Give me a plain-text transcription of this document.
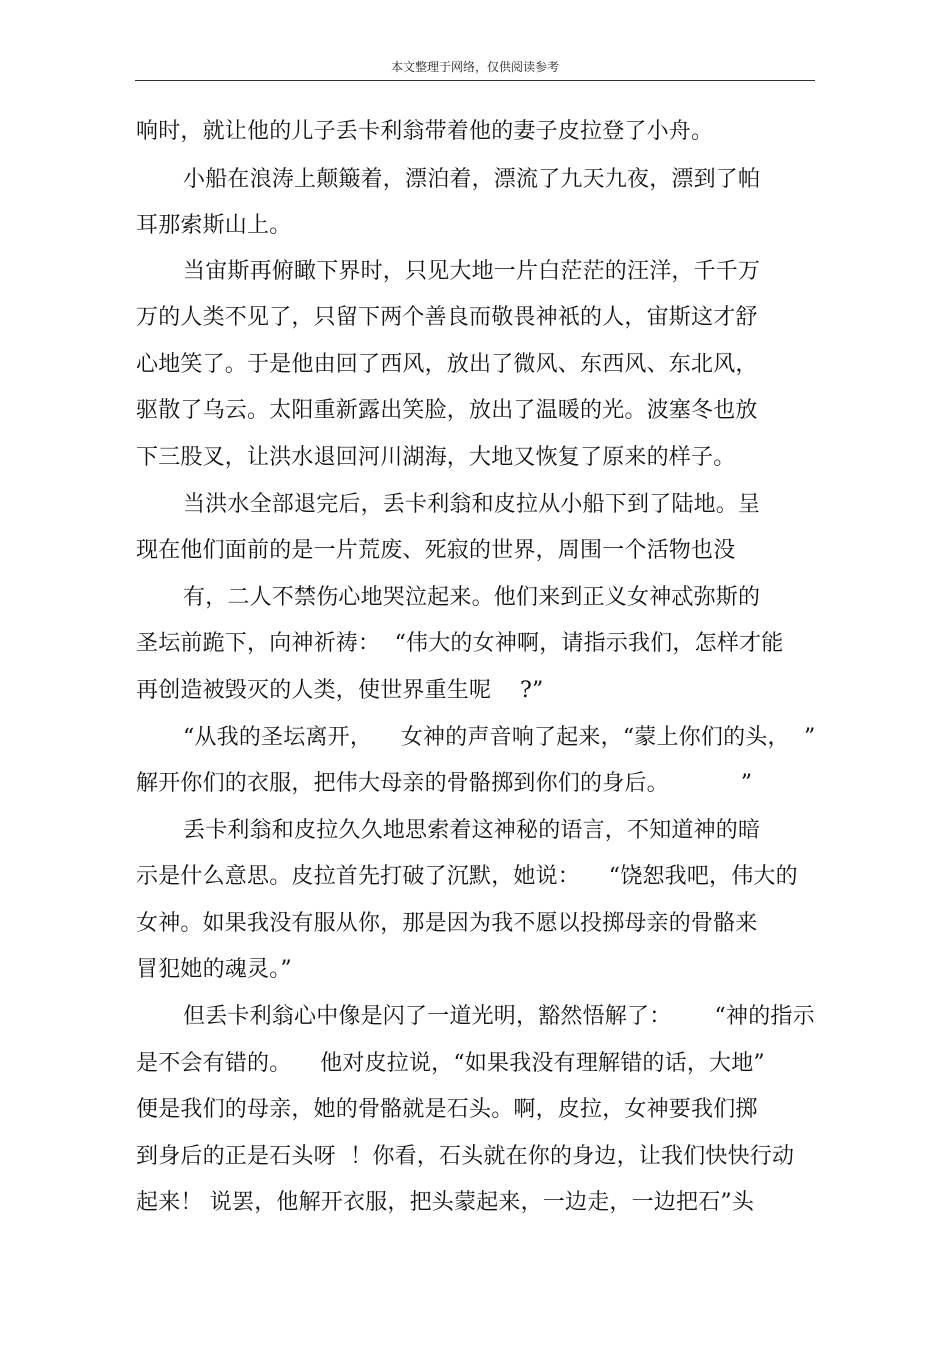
本文整理于网络，仅供阅读参考
响时，就让他的儿子丢卡利翁带着他的妻子皮拉登了小舟。
小船在浪涛上颠簸着，漂泊着，漂流了九天九夜，漂到了帕
耳那索斯山上。
当宙斯再俯瞰下界时，只见大地一片白茫茫的汪洋，千千万
万的人类不见了，只留下两个善良而敬畏神祇的人，宙斯这才舒
心地笑了。于是他由回了西风，放出了微风、东西风、东北风，
驱散了乌云。太阳重新露出笑脸，放出了温暖的光。波塞冬也放
下三股叉，让洪水退回河川湖海，大地又恢复了原来的样子。
当洪水全部退完后，丢卡利翁和皮拉从小船下到了陆地。呈
现在他们面前的是一片荒废、死寂的世界，周围一个活物也没
有，二人不禁伤心地哭泣起来。他们来到正义女神忒弥斯的
圣坛前跪下，向神祈祷：  “伟大的女神啊，请指示我们，怎样才能
再创造被毁灭的人类，使世界重生呢    ?”
“从我的圣坛离开，    女神的声音响了起来，“蒙上你们的头，  ”
解开你们的衣服，把伟大母亲的骨骼掷到你们的身后。          ”
丢卡利翁和皮拉久久地思索着这神秘的语言，不知道神的暗
示是什么意思。皮拉首先打破了沉默，她说：    “饶恕我吧，伟大的
女神。如果我没有服从你，那是因为我不愿以投掷母亲的骨骼来
冒犯她的魂灵。”
但丢卡利翁心中像是闪了一道光明，豁然悟解了：      “神的指示
是不会有错的。    他对皮拉说，“如果我没有理解错的话，大地”
便是我们的母亲，她的骨骼就是石头。啊，皮拉，女神要我们掷
到身后的正是石头呀  ！你看，石头就在你的身边，让我们快快行动
起来！ 说罢，他解开衣服，把头蒙起来，一边走，一边把石”头
